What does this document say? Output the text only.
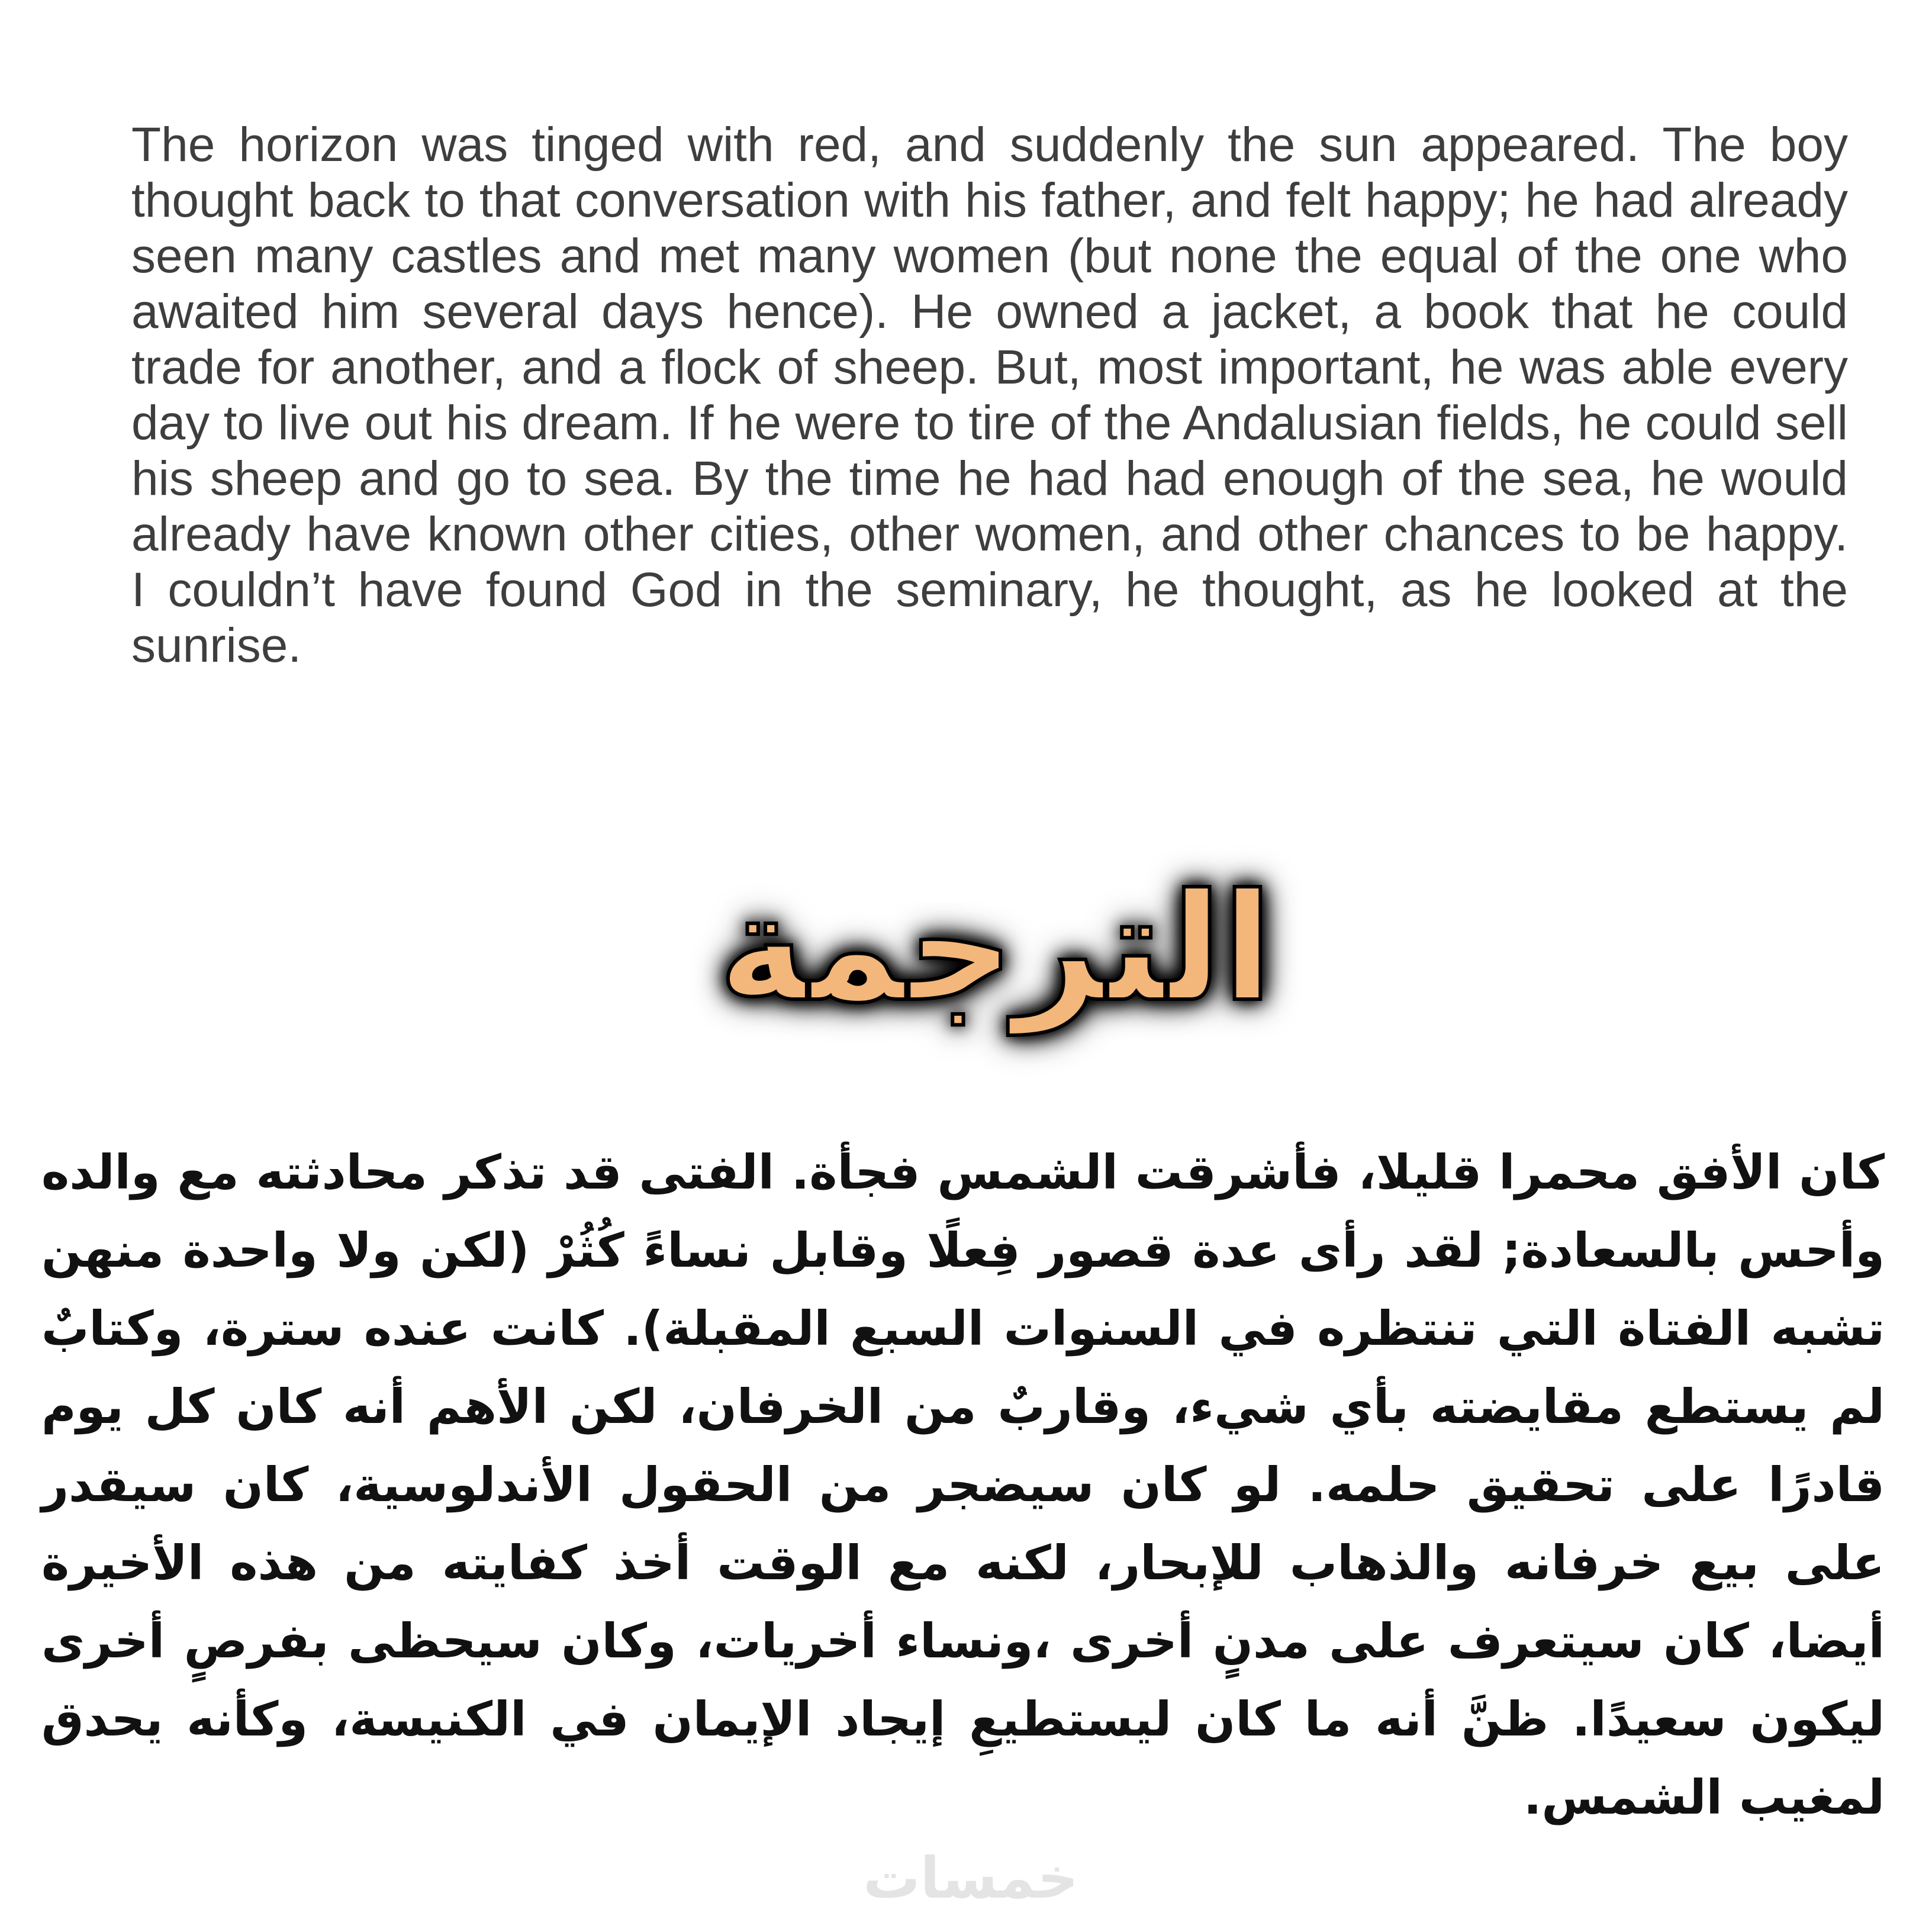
The horizon was tinged with red, and suddenly the sun appeared. The boy thought back to that conversation with his father, and felt happy; he had already seen many castles and met many women (but none the equal of the one who awaited him several days hence). He owned a jacket, a book that he could trade for another, and a flock of sheep. But, most important, he was able every day to live out his dream. If he were to tire of the Andalusian fields, he could sell his sheep and go to sea. By the time he had had enough of the sea, he would already have known other cities, other women, and other chances to be happy. I couldn’t have found God in the seminary, he thought, as he looked at the sunrise.

الترجمة

كان الأفق محمرا قليلا، فأشرقت الشمس فجأة. الفتى قد تذكر محادثته مع والده وأحس بالسعادة; لقد رأى عدة قصور فِعلًا وقابل نساءً كُثُرْ (لكن ولا واحدة منهن تشبه الفتاة التي تنتظره في السنوات السبع المقبلة). كانت عنده سترة، وكتابٌ لم يستطع مقايضته بأي شيء، وقاربٌ من الخرفان، لكن الأهم أنه كان كل يوم قادرًا على تحقيق حلمه. لو كان سيضجر من الحقول الأندلوسية، كان سيقدر على بيع خرفانه والذهاب للإبحار، لكنه مع الوقت أخذ كفايته من هذه الأخيرة أيضا، كان سيتعرف على مدنٍ أخرى ،ونساء أخريات، وكان سيحظى بفرصٍ أخرى ليكون سعيدًا. ظنَّ أنه ما كان ليستطيعِ إيجاد الإيمان في الكنيسة، وكأنه يحدق لمغيب الشمس.

خمسات
